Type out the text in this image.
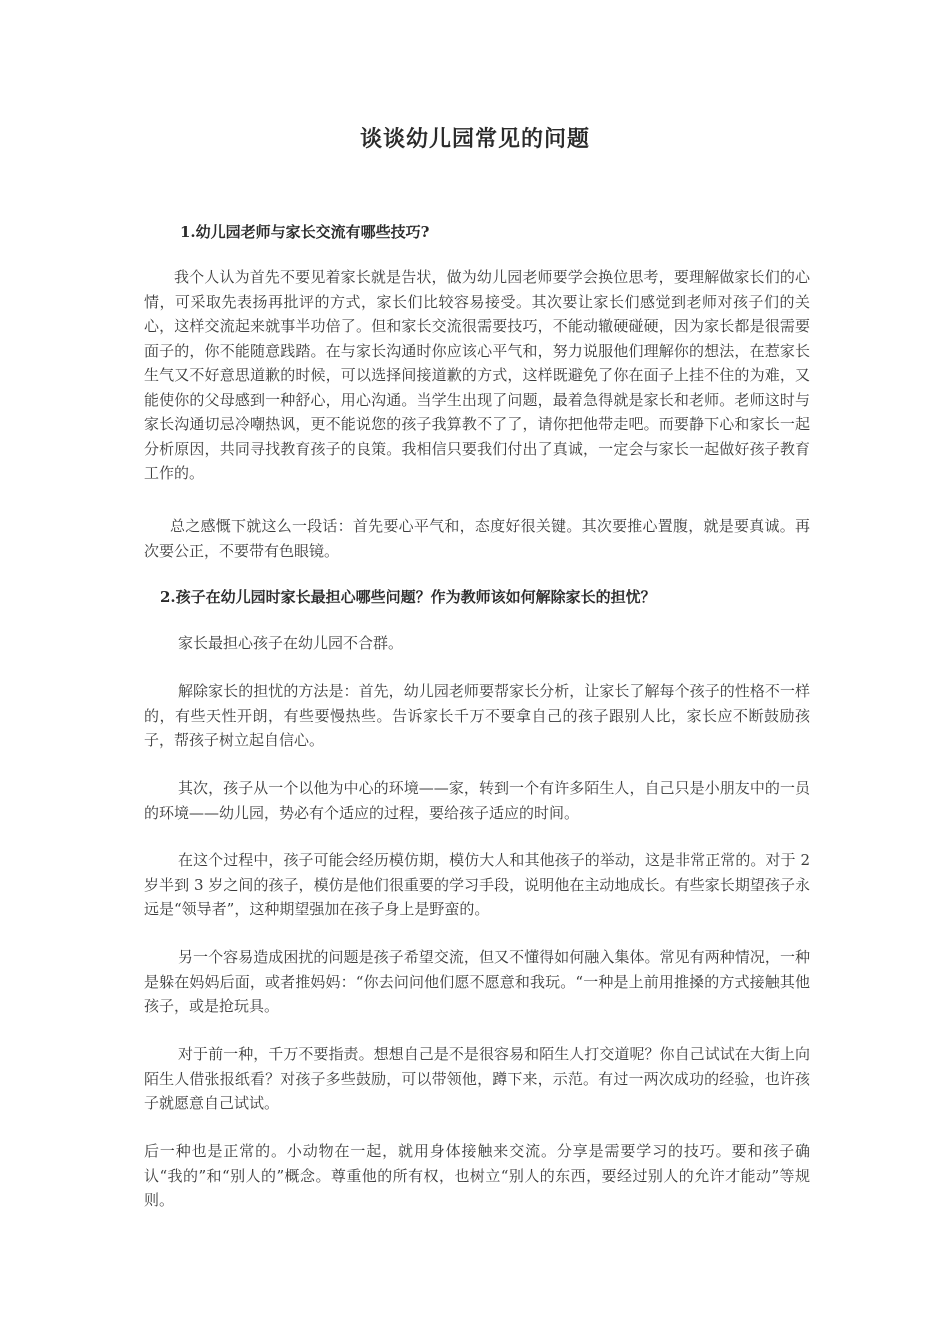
谈谈幼儿园常见的问题
1.幼儿园老师与家长交流有哪些技巧?

我个人认为首先不要见着家长就是告状，做为幼儿园老师要学会换位思考，要理解做家长们的心情，可采取先表扬再批评的方式，家长们比较容易接受。其次要让家长们感觉到老师对孩子们的关心，这样交流起来就事半功倍了。但和家长交流很需要技巧，不能动辙硬碰硬，因为家长都是很需要面子的，你不能随意践踏。在与家长沟通时你应该心平气和，努力说服他们理解你的想法，在惹家长生气又不好意思道歉的时候，可以选择间接道歉的方式，这样既避免了你在面子上挂不住的为难，又能使你的父母感到一种舒心，用心沟通。当学生出现了问题，最着急得就是家长和老师。老师这时与家长沟通切忌冷嘲热讽，更不能说您的孩子我算教不了了，请你把他带走吧。而要静下心和家长一起分析原因，共同寻找教育孩子的良策。我相信只要我们付出了真诚，一定会与家长一起做好孩子教育工作的。

总之感慨下就这么一段话：首先要心平气和，态度好很关键。其次要推心置腹，就是要真诚。再次要公正，不要带有色眼镜。

2.孩子在幼儿园时家长最担心哪些问题？作为教师该如何解除家长的担忧？

家长最担心孩子在幼儿园不合群。

解除家长的担忧的方法是：首先，幼儿园老师要帮家长分析，让家长了解每个孩子的性格不一样的，有些天性开朗，有些要慢热些。告诉家长千万不要拿自己的孩子跟别人比，家长应不断鼓励孩子，帮孩子树立起自信心。

其次，孩子从一个以他为中心的环境——家，转到一个有许多陌生人，自己只是小朋友中的一员的环境——幼儿园，势必有个适应的过程，要给孩子适应的时间。

在这个过程中，孩子可能会经历模仿期，模仿大人和其他孩子的举动，这是非常正常的。对于 2 岁半到 3 岁之间的孩子，模仿是他们很重要的学习手段，说明他在主动地成长。有些家长期望孩子永远是“领导者”，这种期望强加在孩子身上是野蛮的。

另一个容易造成困扰的问题是孩子希望交流，但又不懂得如何融入集体。常见有两种情况，一种是躲在妈妈后面，或者推妈妈：“你去问问他们愿不愿意和我玩。“一种是上前用推搡的方式接触其他孩子，或是抢玩具。

对于前一种，千万不要指责。想想自己是不是很容易和陌生人打交道呢？你自己试试在大街上向陌生人借张报纸看？对孩子多些鼓励，可以带领他，蹲下来，示范。有过一两次成功的经验，也许孩子就愿意自己试试。

后一种也是正常的。小动物在一起，就用身体接触来交流。分享是需要学习的技巧。要和孩子确认“我的”和“别人的”概念。尊重他的所有权，也树立“别人的东西，要经过别人的允许才能动”等规则。
